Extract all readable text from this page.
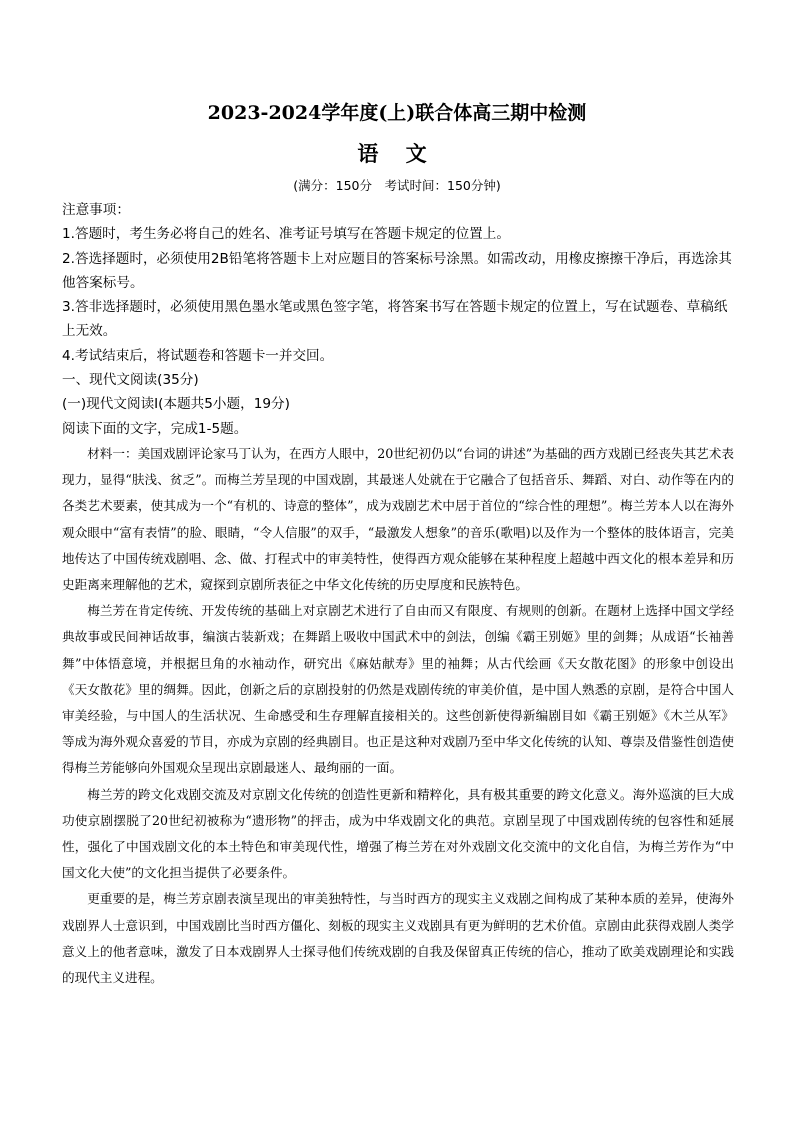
2023-2024学年度(上)联合体高三期中检测
语 文
(满分：150分　考试时间：150分钟)

注意事项：

1.答题时，考生务必将自己的姓名、准考证号填写在答题卡规定的位置上。

2.答选择题时，必须使用2B铅笔将答题卡上对应题目的答案标号涂黑。如需改动，用橡皮擦擦干净后，再选涂其他答案标号。

3.答非选择题时，必须使用黑色墨水笔或黑色签字笔，将答案书写在答题卡规定的位置上，写在试题卷、草稿纸上无效。

4.考试结束后，将试题卷和答题卡一并交回。

一、现代文阅读(35分)

(一)现代文阅读Ⅰ(本题共5小题，19分)

阅读下面的文字，完成1-5题。

材料一：美国戏剧评论家马丁认为，在西方人眼中，20世纪初仍以“台词的讲述”为基础的西方戏剧已经丧失其艺术表现力，显得“肤浅、贫乏”。而梅兰芳呈现的中国戏剧，其最迷人处就在于它融合了包括音乐、舞蹈、对白、动作等在内的各类艺术要素，使其成为一个“有机的、诗意的整体”，成为戏剧艺术中居于首位的“综合性的理想”。梅兰芳本人以在海外观众眼中“富有表情”的脸、眼睛，“令人信服”的双手，“最激发人想象”的音乐(歌唱)以及作为一个整体的肢体语言，完美地传达了中国传统戏剧唱、念、做、打程式中的审美特性，使得西方观众能够在某种程度上超越中西文化的根本差异和历史距离来理解他的艺术，窥探到京剧所表征之中华文化传统的历史厚度和民族特色。

梅兰芳在肯定传统、开发传统的基础上对京剧艺术进行了自由而又有限度、有规则的创新。在题材上选择中国文学经典故事或民间神话故事，编演古装新戏；在舞蹈上吸收中国武术中的剑法，创编《霸王别姬》里的剑舞；从成语“长袖善舞”中体悟意境，并根据旦角的水袖动作，研究出《麻姑献寿》里的袖舞；从古代绘画《天女散花图》的形象中创设出《天女散花》里的绸舞。因此，创新之后的京剧投射的仍然是戏剧传统的审美价值，是中国人熟悉的京剧，是符合中国人审美经验，与中国人的生活状况、生命感受和生存理解直接相关的。这些创新使得新编剧目如《霸王别姬》《木兰从军》等成为海外观众喜爱的节目，亦成为京剧的经典剧目。也正是这种对戏剧乃至中华文化传统的认知、尊崇及借鉴性创造使得梅兰芳能够向外国观众呈现出京剧最迷人、最绚丽的一面。

梅兰芳的跨文化戏剧交流及对京剧文化传统的创造性更新和精粹化，具有极其重要的跨文化意义。海外巡演的巨大成功使京剧摆脱了20世纪初被称为“遗形物”的抨击，成为中华戏剧文化的典范。京剧呈现了中国戏剧传统的包容性和延展性，强化了中国戏剧文化的本土特色和审美现代性，增强了梅兰芳在对外戏剧文化交流中的文化自信，为梅兰芳作为“中国文化大使”的文化担当提供了必要条件。

更重要的是，梅兰芳京剧表演呈现出的审美独特性，与当时西方的现实主义戏剧之间构成了某种本质的差异，使海外戏剧界人士意识到，中国戏剧比当时西方僵化、刻板的现实主义戏剧具有更为鲜明的艺术价值。京剧由此获得戏剧人类学意义上的他者意味，激发了日本戏剧界人士探寻他们传统戏剧的自我及保留真正传统的信心，推动了欧美戏剧理论和实践的现代主义进程。
